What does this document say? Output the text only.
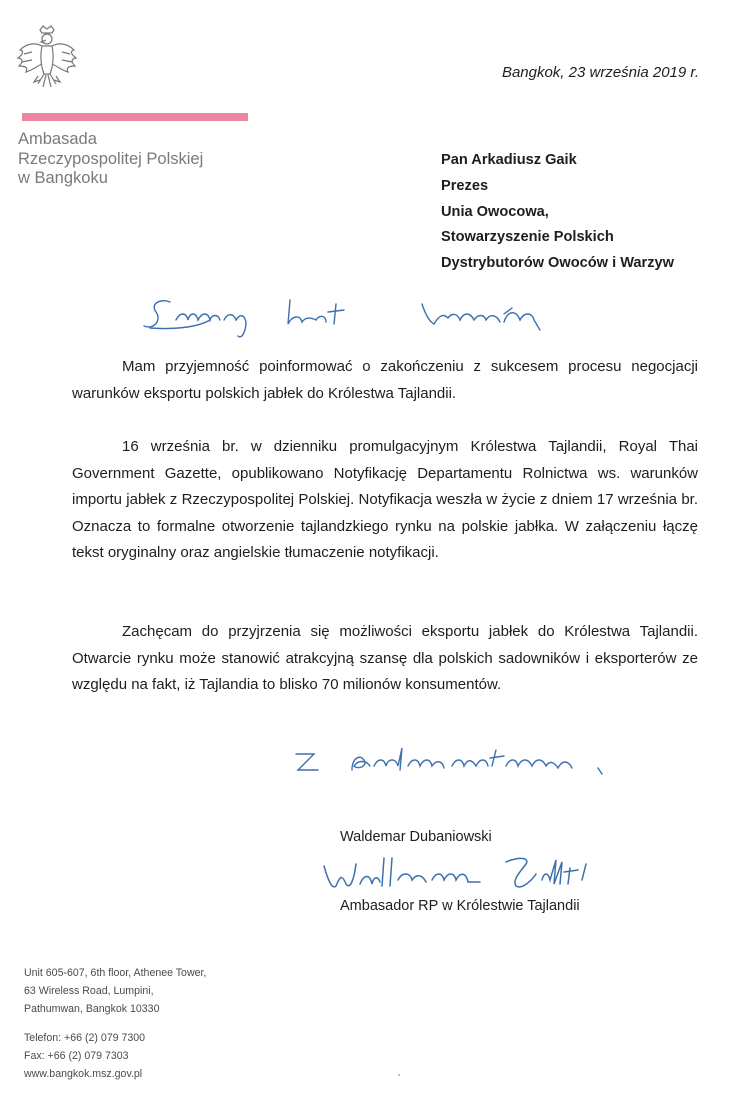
Ambasada
Rzeczypospolitej Polskiej
w Bangkoku
Bangkok, 23 września 2019 r.
Pan Arkadiusz Gaik
Prezes
Unia Owocowa,
Stowarzyszenie Polskich
Dystrybutorów Owoców i Warzyw

Mam przyjemność poinformować o zakończeniu z sukcesem procesu negocjacji warunków eksportu polskich jabłek do Królestwa Tajlandii.

16 września br. w dzienniku promulgacyjnym Królestwa Tajlandii, Royal Thai Government Gazette, opublikowano Notyfikację Departamentu Rolnictwa ws. warunków importu jabłek z Rzeczypospolitej Polskiej. Notyfikacja weszła w życie z dniem 17 września br. Oznacza to formalne otworzenie tajlandzkiego rynku na polskie jabłka. W załączeniu łączę tekst oryginalny oraz angielskie tłumaczenie notyfikacji.

Zachęcam do przyjrzenia się możliwości eksportu jabłek do Królestwa Tajlandii. Otwarcie rynku może stanowić atrakcyjną szansę dla polskich sadowników i eksporterów ze względu na fakt, iż Tajlandia to blisko 70 milionów konsumentów.

Waldemar Dubaniowski
Ambasador RP w Królestwie Tajlandii
Unit 605-607, 6th floor, Athenee Tower,
63 Wireless Road, Lumpini,
Pathumwan, Bangkok 10330
Telefon: +66 (2) 079 7300
Fax: +66 (2) 079 7303
www.bangkok.msz.gov.pl
